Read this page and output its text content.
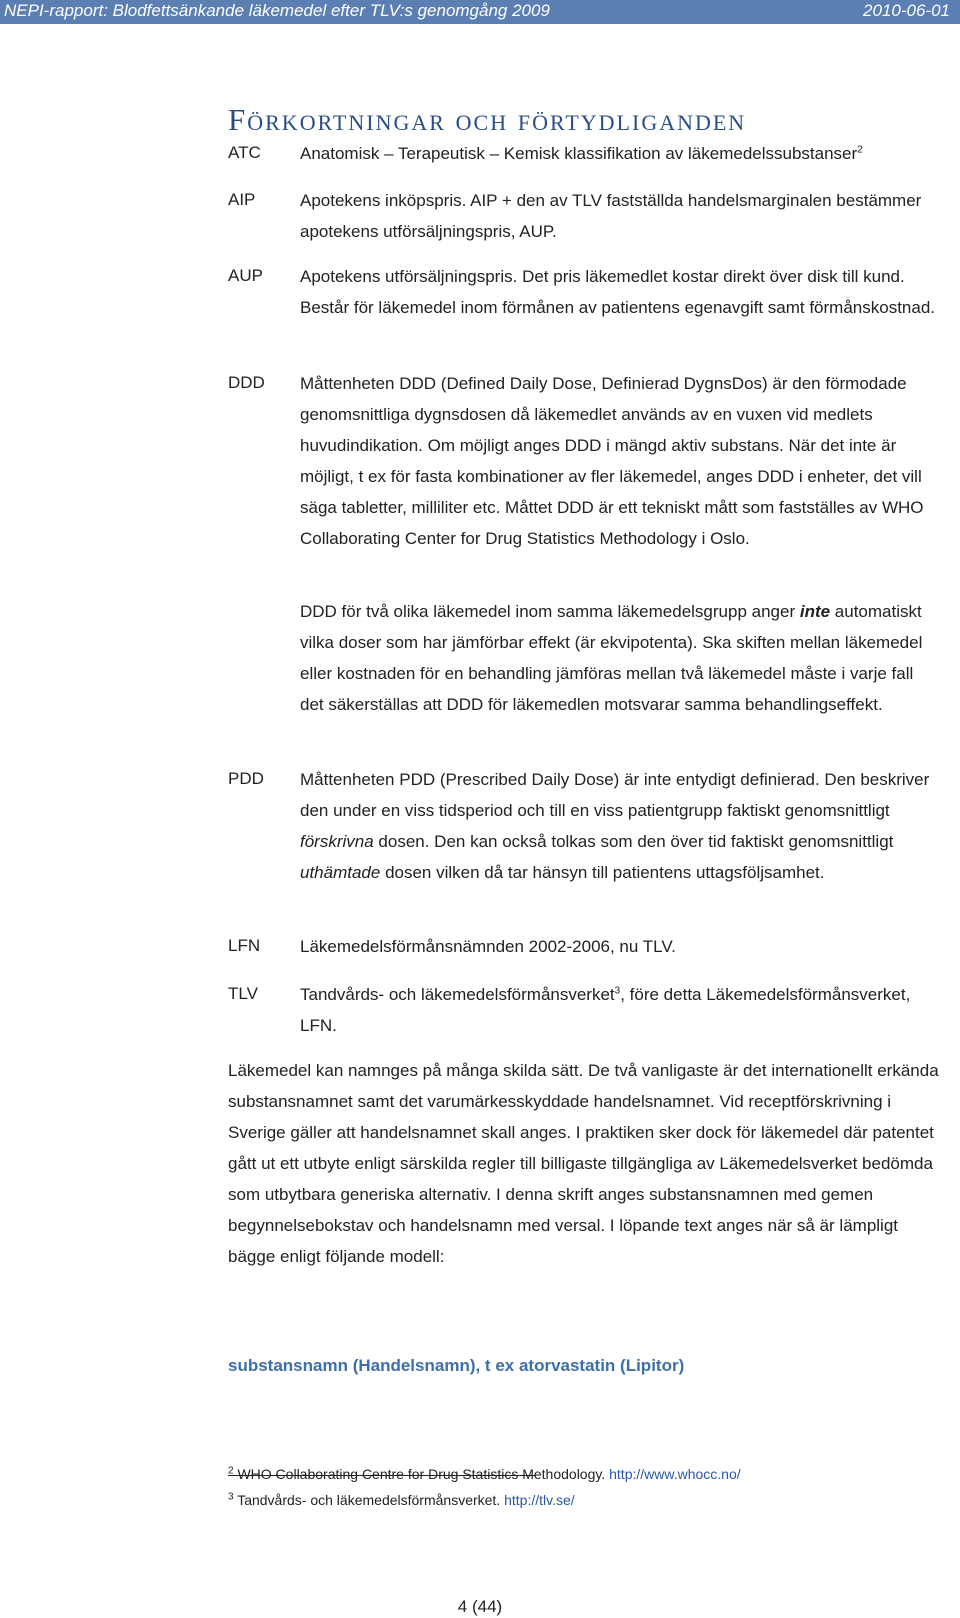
NEPI-rapport: Blodfettsänkande läkemedel efter TLV:s genomgång 2009	2010-06-01
Förkortningar och förtydliganden
ATC Anatomisk – Terapeutisk – Kemisk klassifikation av läkemedelssubstanser$^2$
AIP	Apotekens inköpspris. AIP + den av TLV fastställda handelsmarginalen bestämmer apotekens utförsäljningspris, AUP.
AUP Apotekens utförsäljningspris. Det pris läkemedlet kostar direkt över disk till kund. Består för läkemedel inom förmånen av patientens egenavgift samt förmånskostnad.
DDD Måttenheten DDD (Defined Daily Dose, Definierad DygnsDos) är den förmodade genomsnittliga dygnsdosen då läkemedlet används av en vuxen vid medlets huvudindikation. Om möjligt anges DDD i mängd aktiv substans. När det inte är möjligt, t ex för fasta kombinationer av fler läkemedel, anges DDD i enheter, det vill säga tabletter, milliliter etc. Måttet DDD är ett tekniskt mått som fastställes av WHO Collaborating Center for Drug Statistics Methodology i Oslo.
DDD för två olika läkemedel inom samma läkemedelsgrupp anger inte automatiskt vilka doser som har jämförbar effekt (är ekvipotenta). Ska skiften mellan läkemedel eller kostnaden för en behandling jämföras mellan två läkemedel måste i varje fall det säkerställas att DDD för läkemedlen motsvarar samma behandlingseffekt.
PDD Måttenheten PDD (Prescribed Daily Dose) är inte entydigt definierad. Den beskriver den under en viss tidsperiod och till en viss patientgrupp faktiskt genomsnittligt förskrivna dosen. Den kan också tolkas som den över tid faktiskt genomsnittligt uthämtade dosen vilken då tar hänsyn till patientens uttagsföljsamhet.
LFN Läkemedelsförmånsnämnden 2002-2006, nu TLV.
TLV Tandvårds- och läkemedelsförmånsverket$^3$, före detta Läkemedelsförmånsverket, LFN.
Läkemedel kan namnges på många skilda sätt. De två vanligaste är det internationellt erkända substansnamnet samt det varumärkesskyddade handelsnamnet. Vid receptförskrivning i Sverige gäller att handelsnamnet skall anges. I praktiken sker dock för läkemedel där patentet gått ut ett utbyte enligt särskilda regler till billigaste tillgängliga av Läkemedelsverket bedömda som utbytbara generiska alternativ. I denna skrift anges substansnamnen med gemen begynnelsebokstav och handelsnamn med versal. I löpande text anges när så är lämpligt bägge enligt följande modell:
substansnamn (Handelsnamn), t ex atorvastatin (Lipitor)
$^2$ WHO Collaborating Centre for Drug Statistics Methodology. http://www.whocc.no/
$^3$ Tandvårds- och läkemedelsförmånsverket. http://tlv.se/
4 (44)
